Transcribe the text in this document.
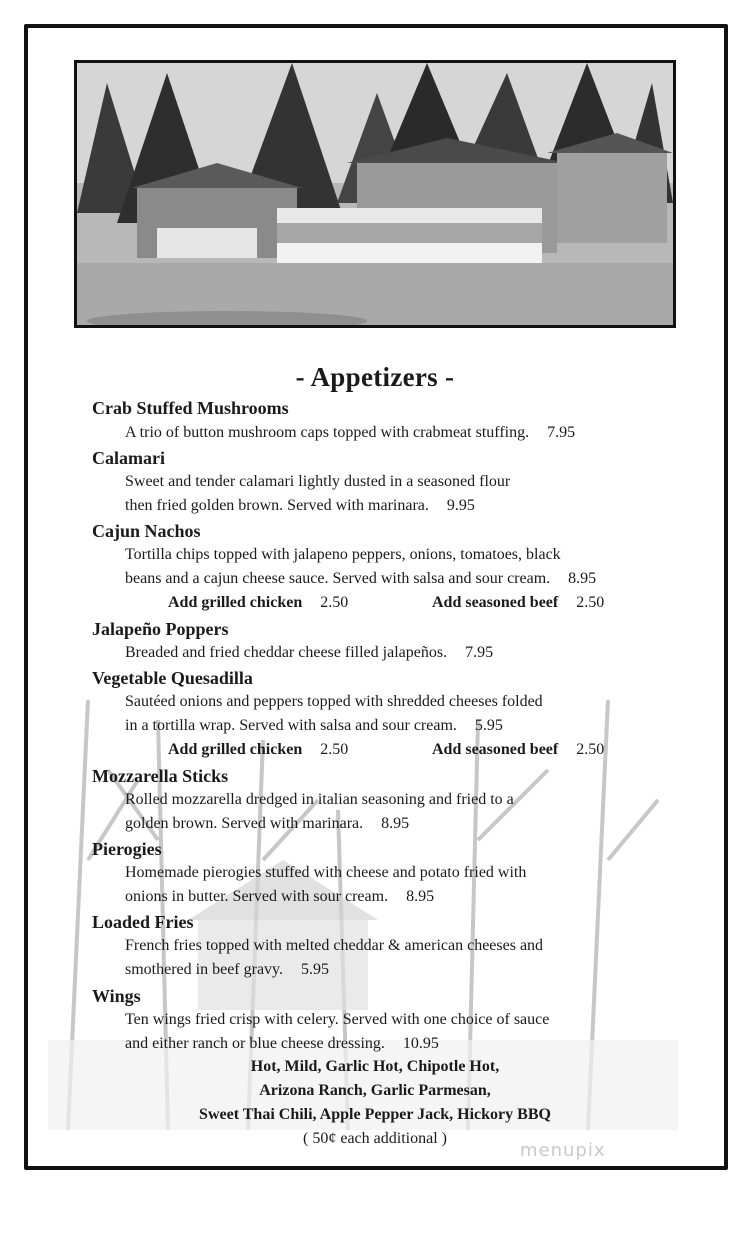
- Appetizers -
Crab Stuffed Mushrooms
A trio of button mushroom caps topped with crabmeat stuffing. 7.95
Calamari
Sweet and tender calamari lightly dusted in a seasoned flour
then fried golden brown. Served with marinara. 9.95
Cajun Nachos
Tortilla chips topped with jalapeno peppers, onions, tomatoes, black
beans and a cajun cheese sauce. Served with salsa and sour cream. 8.95
Add grilled chicken 2.50	Add seasoned beef 2.50
Jalapeño Poppers
Breaded and fried cheddar cheese filled jalapeños. 7.95
Vegetable Quesadilla
Sautéed onions and peppers topped with shredded cheeses folded
in a tortilla wrap. Served with salsa and sour cream. 5.95
Add grilled chicken 2.50	Add seasoned beef 2.50
Mozzarella Sticks
Rolled mozzarella dredged in italian seasoning and fried to a
golden brown. Served with marinara. 8.95
Pierogies
Homemade pierogies stuffed with cheese and potato fried with
onions in butter. Served with sour cream. 8.95
Loaded Fries
French fries topped with melted cheddar & american cheeses and
smothered in beef gravy. 5.95
Wings
Ten wings fried crisp with celery. Served with one choice of sauce
and either ranch or blue cheese dressing. 10.95
Hot, Mild, Garlic Hot, Chipotle Hot,
Arizona Ranch, Garlic Parmesan,
Sweet Thai Chili, Apple Pepper Jack, Hickory BBQ
( 50¢ each additional )
menupix
